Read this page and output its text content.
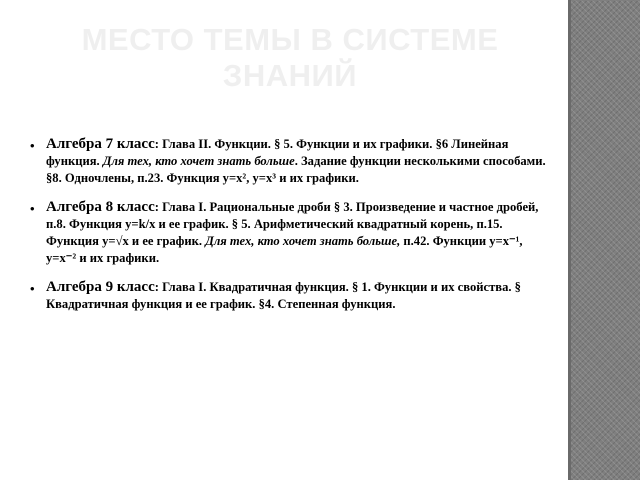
МЕСТО ТЕМЫ В СИСТЕМЕ ЗНАНИЙ
• Алгебра 7 класс: Глава II. Функции. § 5. Функции и их графики. §6 Линейная функция. Для тех, кто хочет знать больше. Задание функции несколькими способами. §8. Одночлены, п.23. Функция у=х², у=х³ и их графики.
• Алгебра 8 класс: Глава I. Рациональные дроби § 3. Произведение и частное дробей, п.8. Функция у=k/x и ее график. § 5. Арифметический квадратный корень, п.15. Функция у=√х и ее график. Для тех, кто хочет знать больше, п.42. Функции у=х⁻¹, у=х⁻² и их графики.
• Алгебра 9 класс: Глава I. Квадратичная функция. § 1. Функции и их свойства. § Квадратичная функция и ее график. §4. Степенная функция.
